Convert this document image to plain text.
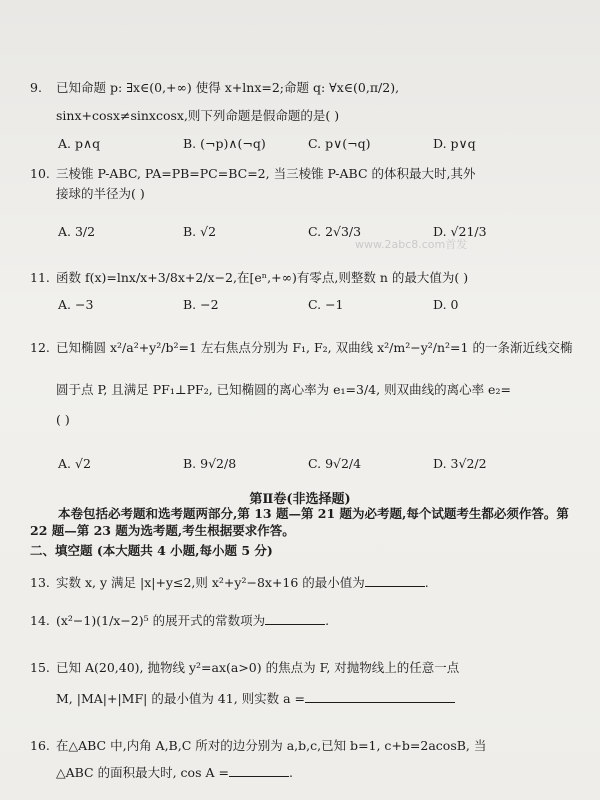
www.2abc8.com首发
9. 已知命题 p: ∃x∈(0,+∞) 使得 x+lnx=2;命题 q: ∀x∈(0,π/2),
sinx+cosx≠sinxcosx,则下列命题是假命题的是( )
A. p∧q	B. (¬p)∧(¬q)	C. p∨(¬q)	D. p∨q
10. 三棱锥 P-ABC, PA=PB=PC=BC=2, 当三棱锥 P-ABC 的体积最大时,其外
接球的半径为( )
A. 3/2	B. √2	C. 2√3/3	D. √21/3
11. 函数 f(x)=lnx/x+3/8x+2/x−2,在[eⁿ,+∞)有零点,则整数 n 的最大值为( )
A. −3	B. −2	C. −1	D. 0
12. 已知椭圆 x²/a²+y²/b²=1 左右焦点分别为 F₁, F₂, 双曲线 x²/m²−y²/n²=1 的一条渐近线交椭
圆于点 P, 且满足 PF₁⊥PF₂, 已知椭圆的离心率为 e₁=3/4, 则双曲线的离心率 e₂=
( )
A. √2	B. 9√2/8	C. 9√2/4	D. 3√2/2
第Ⅱ卷(非选择题)
本卷包括必考题和选考题两部分,第 13 题—第 21 题为必考题,每个试题考生都必须作答。第 22 题—第 23 题为选考题,考生根据要求作答。
二、填空题 (本大题共 4 小题,每小题 5 分)
13. 实数 x, y 满足 |x|+y≤2,则 x²+y²−8x+16 的最小值为	.
14. (x²−1)(1/x−2)⁵ 的展开式的常数项为	.
15. 已知 A(20,40), 抛物线 y²=ax(a>0) 的焦点为 F, 对抛物线上的任意一点
M, |MA|+|MF| 的最小值为 41, 则实数 a =
16. 在△ABC 中,内角 A,B,C 所对的边分别为 a,b,c,已知 b=1, c+b=2acosB, 当
△ABC 的面积最大时, cos A =	.
